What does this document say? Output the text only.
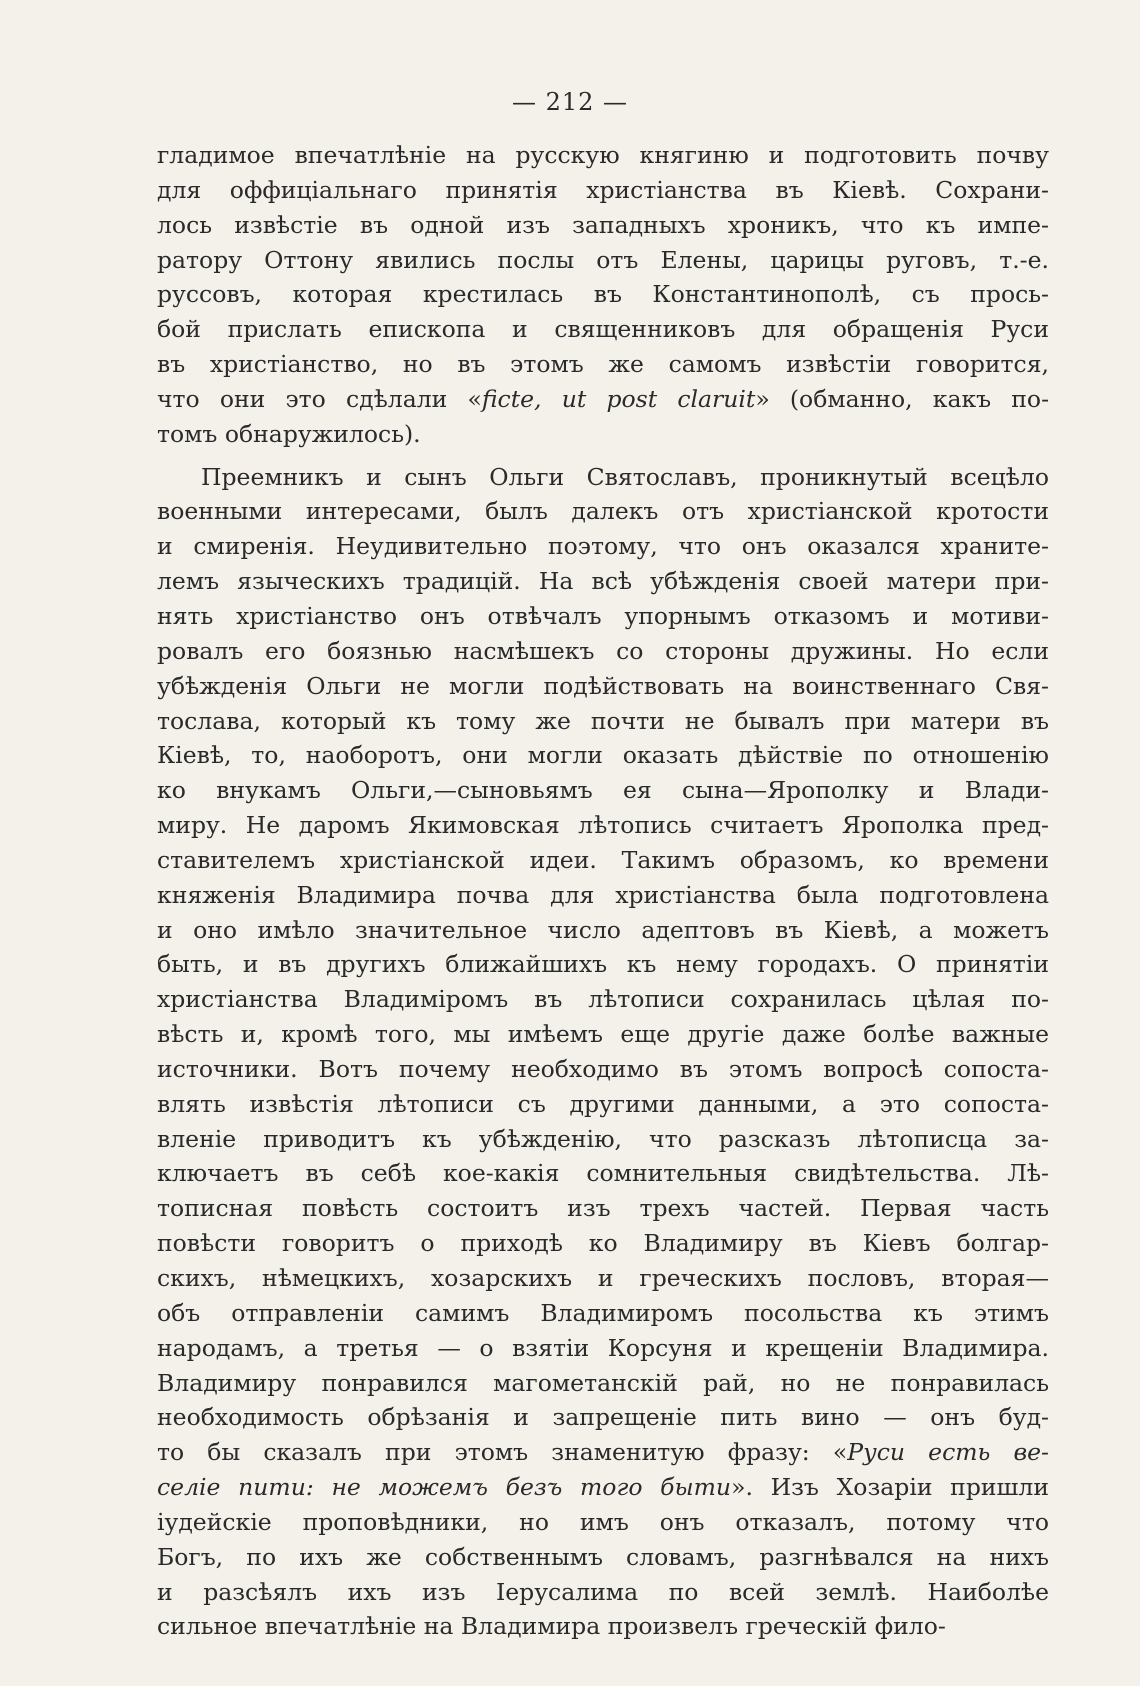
— 212 —
гладимое впечатлѣніе на русскую княгиню и подготовить почву
для оффиціальнаго принятія христіанства въ Кіевѣ. Сохрани-
лось извѣстіе въ одной изъ западныхъ хроникъ, что къ импе-
ратору Оттону явились послы отъ Елены, царицы руговъ, т.-е.
руссовъ, которая крестилась въ Константинополѣ, съ прось-
бой прислать епископа и священниковъ для обращенія Руси
въ христіанство, но въ этомъ же самомъ извѣстіи говорится,
что они это сдѣлали «ficte, ut post claruit» (обманно, какъ по-
томъ обнаружилось).
Преемникъ и сынъ Ольги Святославъ, проникнутый всецѣло
военными интересами, былъ далекъ отъ христіанской кротости
и смиренія. Неудивительно поэтому, что онъ оказался храните-
лемъ языческихъ традицій. На всѣ убѣжденія своей матери при-
нять христіанство онъ отвѣчалъ упорнымъ отказомъ и мотиви-
ровалъ его боязнью насмѣшекъ со стороны дружины. Но если
убѣжденія Ольги не могли подѣйствовать на воинственнаго Свя-
тослава, который къ тому же почти не бывалъ при матери въ
Кіевѣ, то, наоборотъ, они могли оказать дѣйствіе по отношенію
ко внукамъ Ольги,—сыновьямъ ея сына—Ярополку и Влади-
миру. Не даромъ Якимовская лѣтопись считаетъ Ярополка пред-
ставителемъ христіанской идеи. Такимъ образомъ, ко времени
княженія Владимира почва для христіанства была подготовлена
и оно имѣло значительное число адептовъ въ Кіевѣ, а можетъ
быть, и въ другихъ ближайшихъ къ нему городахъ. О принятіи
христіанства Владиміромъ въ лѣтописи сохранилась цѣлая по-
вѣсть и, кромѣ того, мы имѣемъ еще другіе даже болѣе важные
источники. Вотъ почему необходимо въ этомъ вопросѣ сопоста-
влять извѣстія лѣтописи съ другими данными, а это сопоста-
вленіе приводитъ къ убѣжденію, что разсказъ лѣтописца за-
ключаетъ въ себѣ кое-какія сомнительныя свидѣтельства. Лѣ-
тописная повѣсть состоитъ изъ трехъ частей. Первая часть
повѣсти говоритъ о приходѣ ко Владимиру въ Кіевъ болгар-
скихъ, нѣмецкихъ, хозарскихъ и греческихъ пословъ, вторая—
объ отправленіи самимъ Владимиромъ посольства къ этимъ
народамъ, а третья — о взятіи Корсуня и крещеніи Владимира.
Владимиру понравился магометанскій рай, но не понравилась
необходимость обрѣзанія и запрещеніе пить вино — онъ буд-
то бы сказалъ при этомъ знаменитую фразу: «Руси есть ве-
селіе пити: не можемъ безъ того быти». Изъ Хозаріи пришли
іудейскіе проповѣдники, но имъ онъ отказалъ, потому что
Богъ, по ихъ же собственнымъ словамъ, разгнѣвался на нихъ
и разсѣялъ ихъ изъ Іерусалима по всей землѣ. Наиболѣе
сильное впечатлѣніе на Владимира произвелъ греческій фило-
